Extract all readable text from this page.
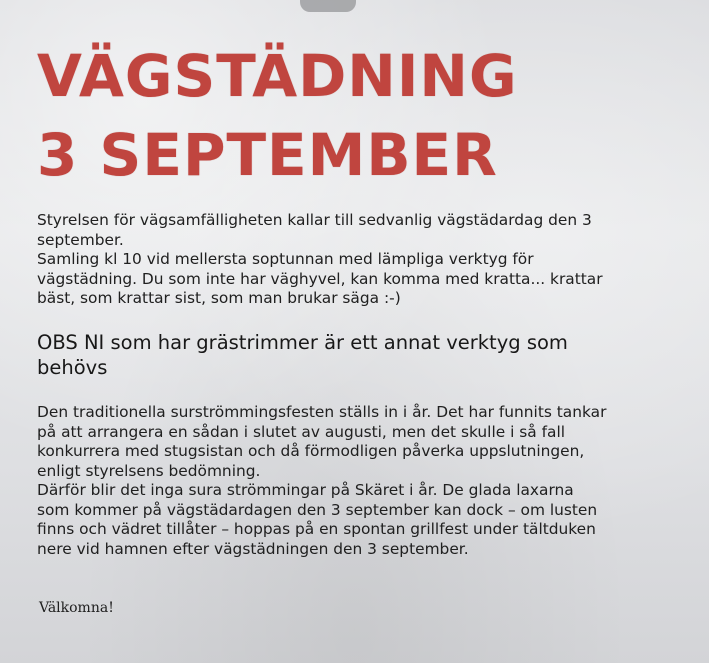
VÄGSTÄDNING
3 SEPTEMBER

Styrelsen för vägsamfälligheten kallar till sedvanlig vägstädardag den 3
september.
Samling kl 10 vid mellersta soptunnan med lämpliga verktyg för
vägstädning. Du som inte har väghyvel, kan komma med kratta... krattar
bäst, som krattar sist, som man brukar säga :-)

OBS NI som har grästrimmer är ett annat verktyg som
behövs

Den traditionella surströmmingsfesten ställs in i år. Det har funnits tankar
på att arrangera en sådan i slutet av augusti, men det skulle i så fall
konkurrera med stugsistan och då förmodligen påverka uppslutningen,
enligt styrelsens bedömning.

Därför blir det inga sura strömmingar på Skäret i år. De glada laxarna
som kommer på vägstädardagen den 3 september kan dock – om lusten
finns och vädret tillåter – hoppas på en spontan grillfest under tältduken
nere vid hamnen efter vägstädningen den 3 september.

Välkomna!
